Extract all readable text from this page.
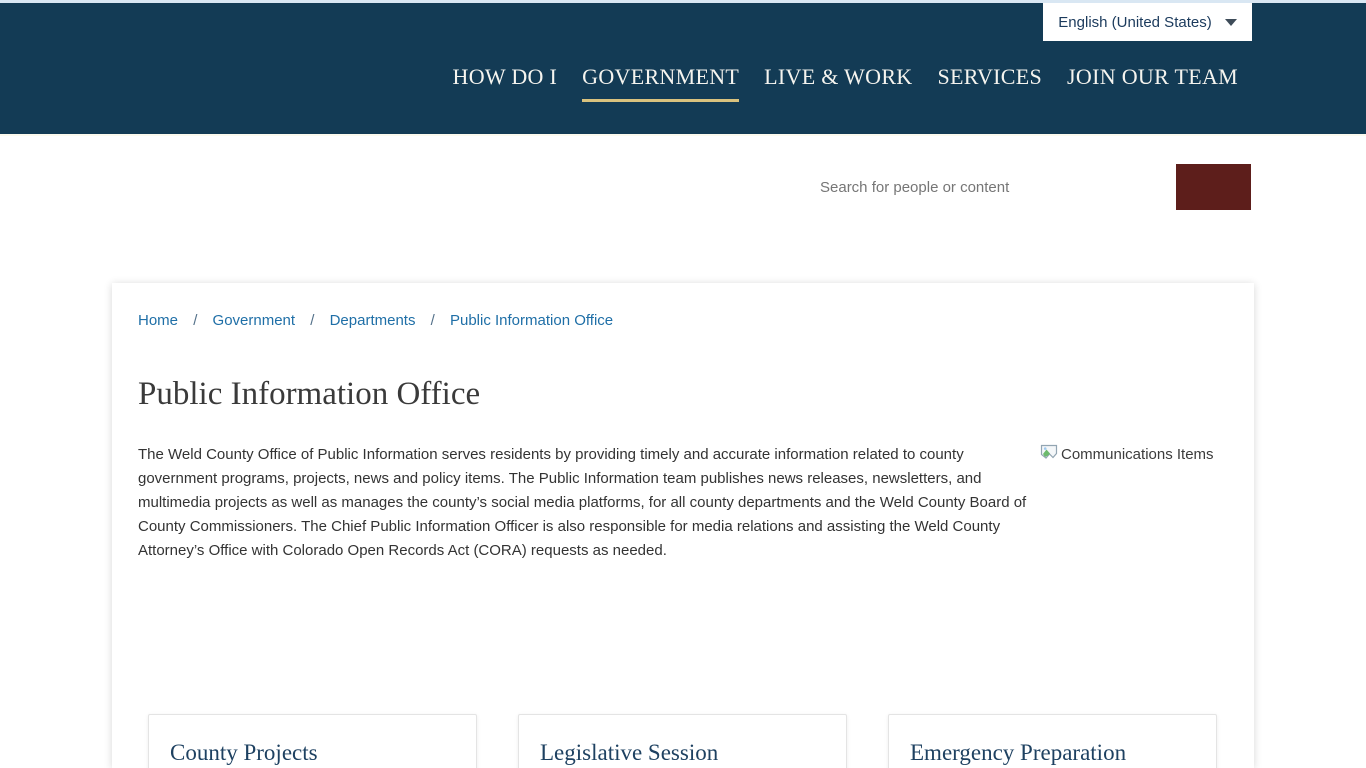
English (United States)
HOW DO I GOVERNMENT LIVE & WORK SERVICES JOIN OUR TEAM
Search for people or content
Home / Government / Departments / Public Information Office
Public Information Office
Communications Items
The Weld County Office of Public Information serves residents by providing timely and accurate information related to county government programs, projects, news and policy items. The Public Information team publishes news releases, newsletters, and multimedia projects as well as manages the county’s social media platforms, for all county departments and the Weld County Board of County Commissioners. The Chief Public Information Officer is also responsible for media relations and assisting the Weld County Attorney’s Office with Colorado Open Records Act (CORA) requests as needed.
County Projects	Legislative Session	Emergency Preparation
